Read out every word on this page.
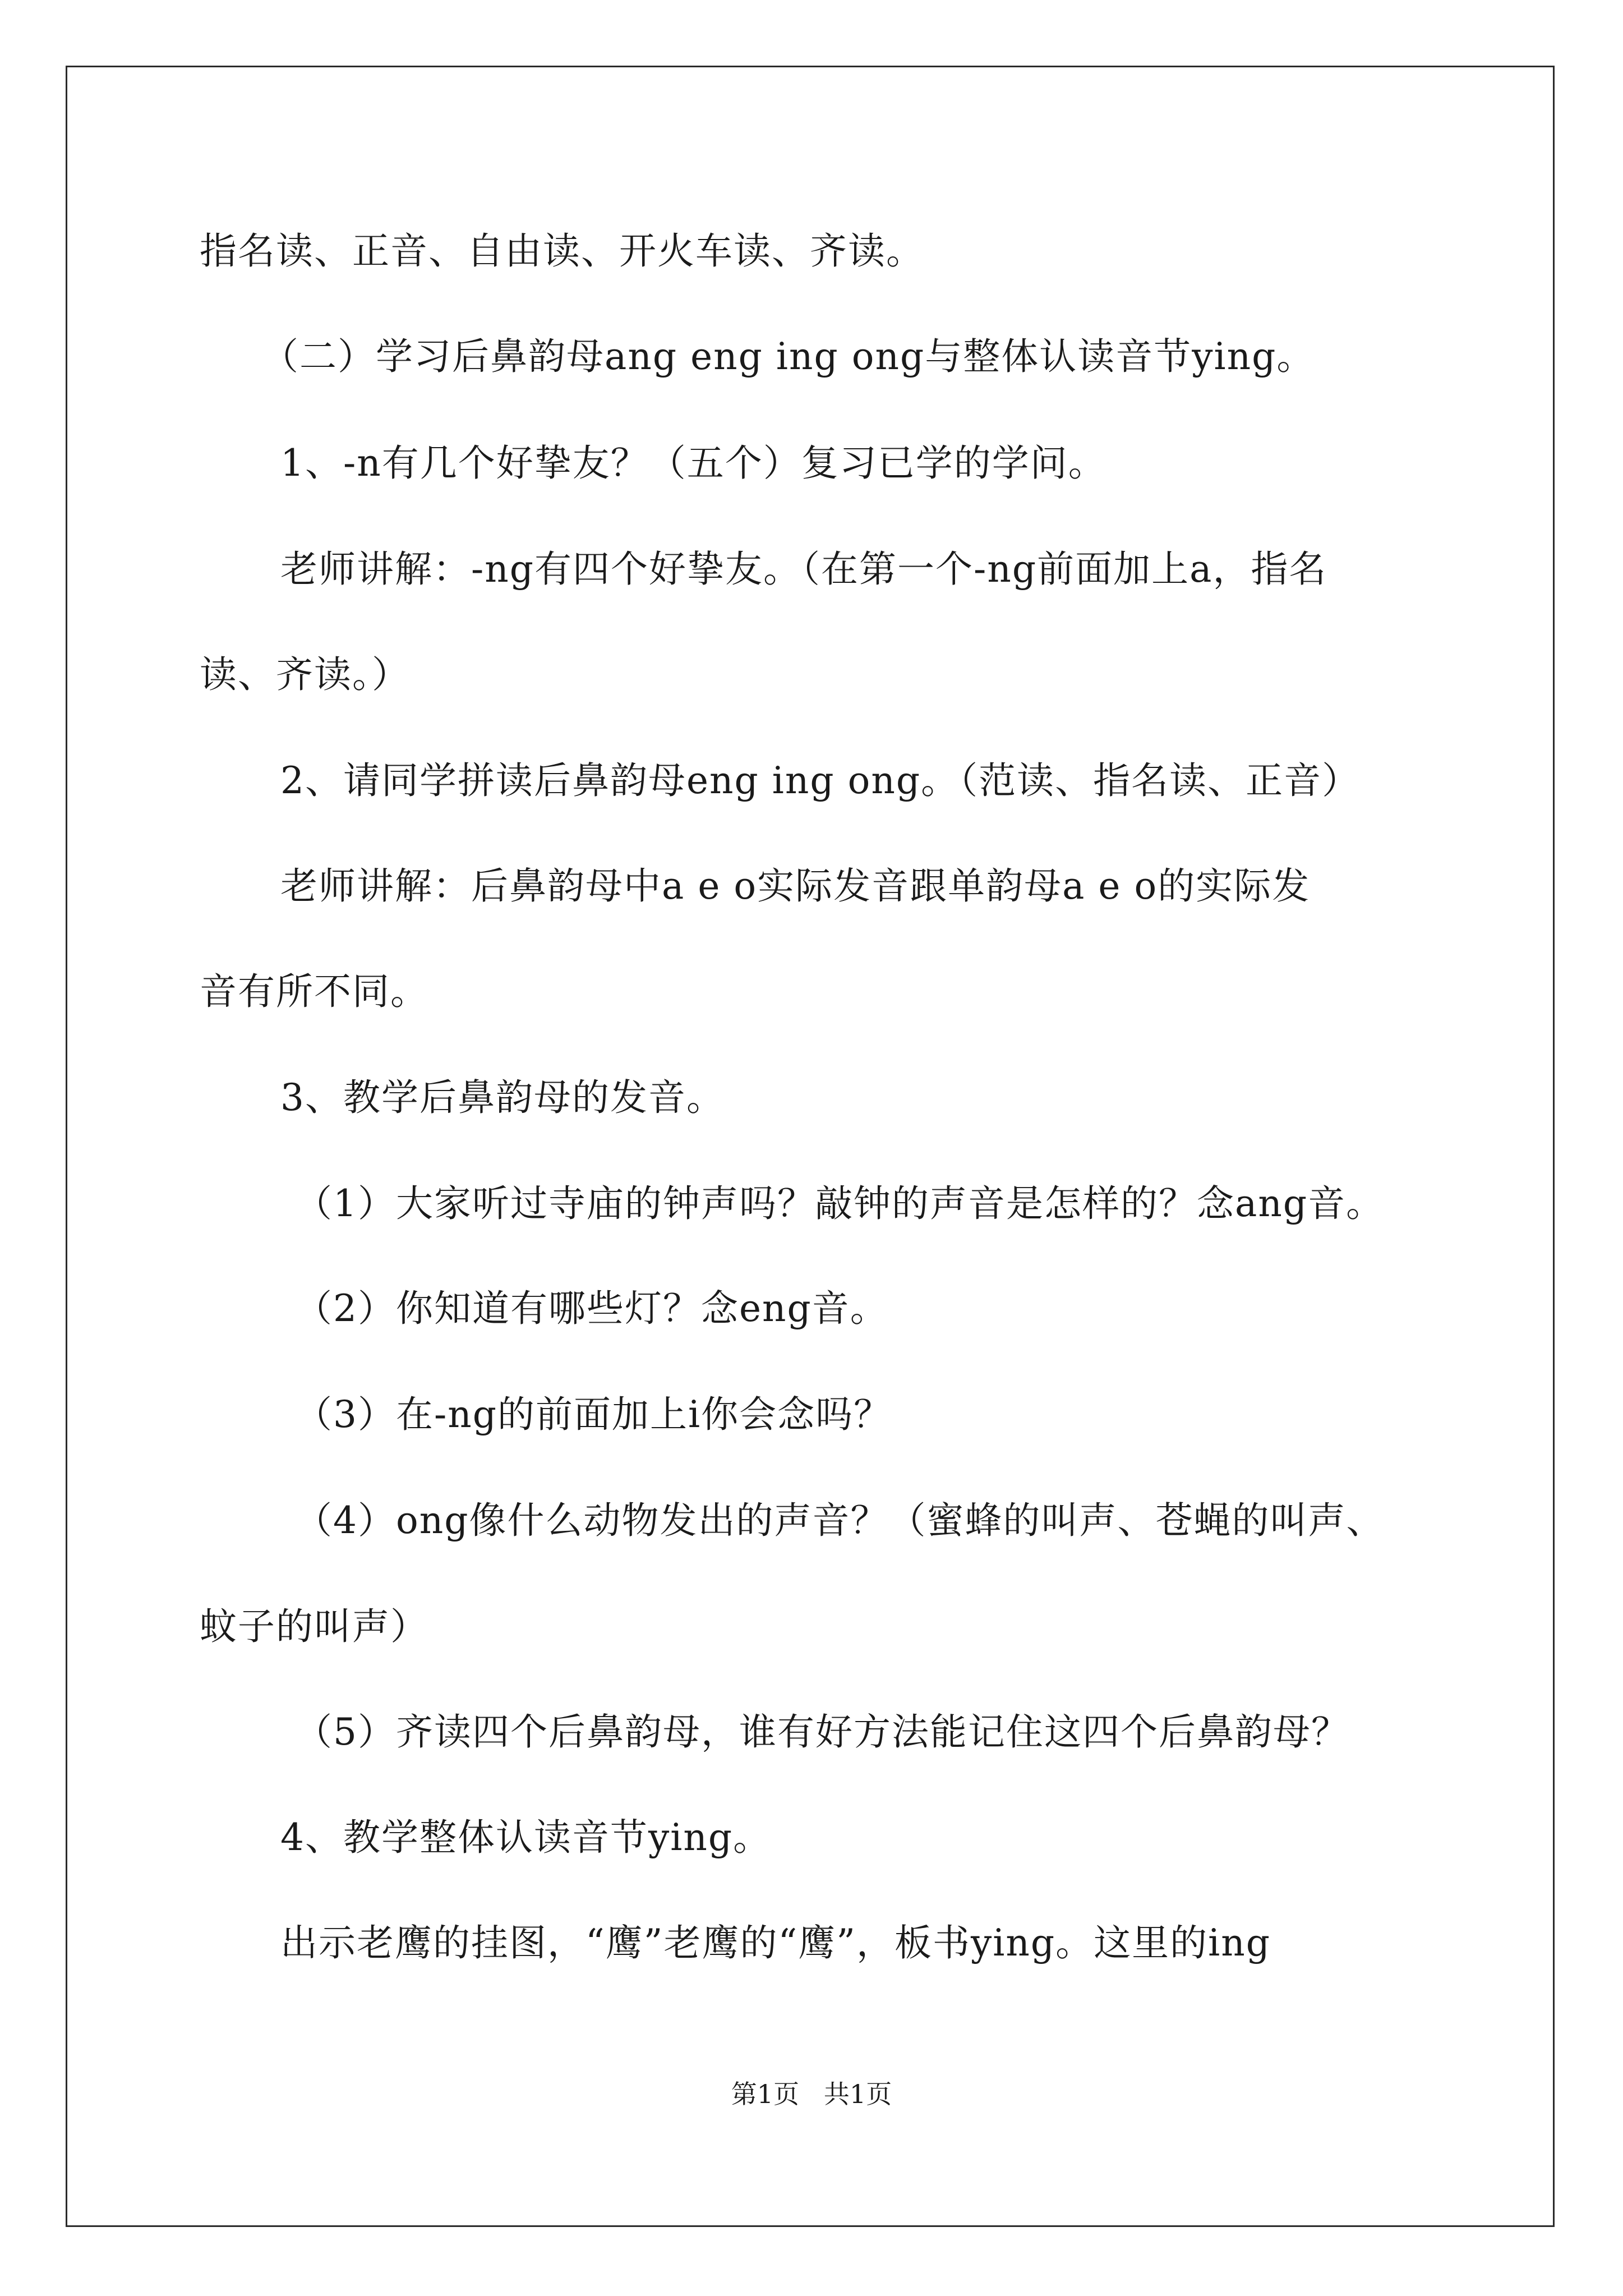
指名读、正音、自由读、开火车读、齐读。
（二）学习后鼻韵母ang eng ing ong与整体认读音节ying。
1、-n有几个好挚友？（五个）复习已学的学问。
老师讲解：-ng有四个好挚友。（在第一个-ng前面加上a，指名
读、齐读。）
2、请同学拼读后鼻韵母eng ing ong。（范读、指名读、正音）
老师讲解：后鼻韵母中a e o实际发音跟单韵母a e o的实际发
音有所不同。
3、教学后鼻韵母的发音。
（1）大家听过寺庙的钟声吗？敲钟的声音是怎样的？念ang音。
（2）你知道有哪些灯？念eng音。
（3）在-ng的前面加上i你会念吗？
（4）ong像什么动物发出的声音？（蜜蜂的叫声、苍蝇的叫声、
蚊子的叫声）
（5）齐读四个后鼻韵母，谁有好方法能记住这四个后鼻韵母？
4、教学整体认读音节ying。
出示老鹰的挂图，“鹰”老鹰的“鹰”，板书ying。这里的ing
第1页   共1页
